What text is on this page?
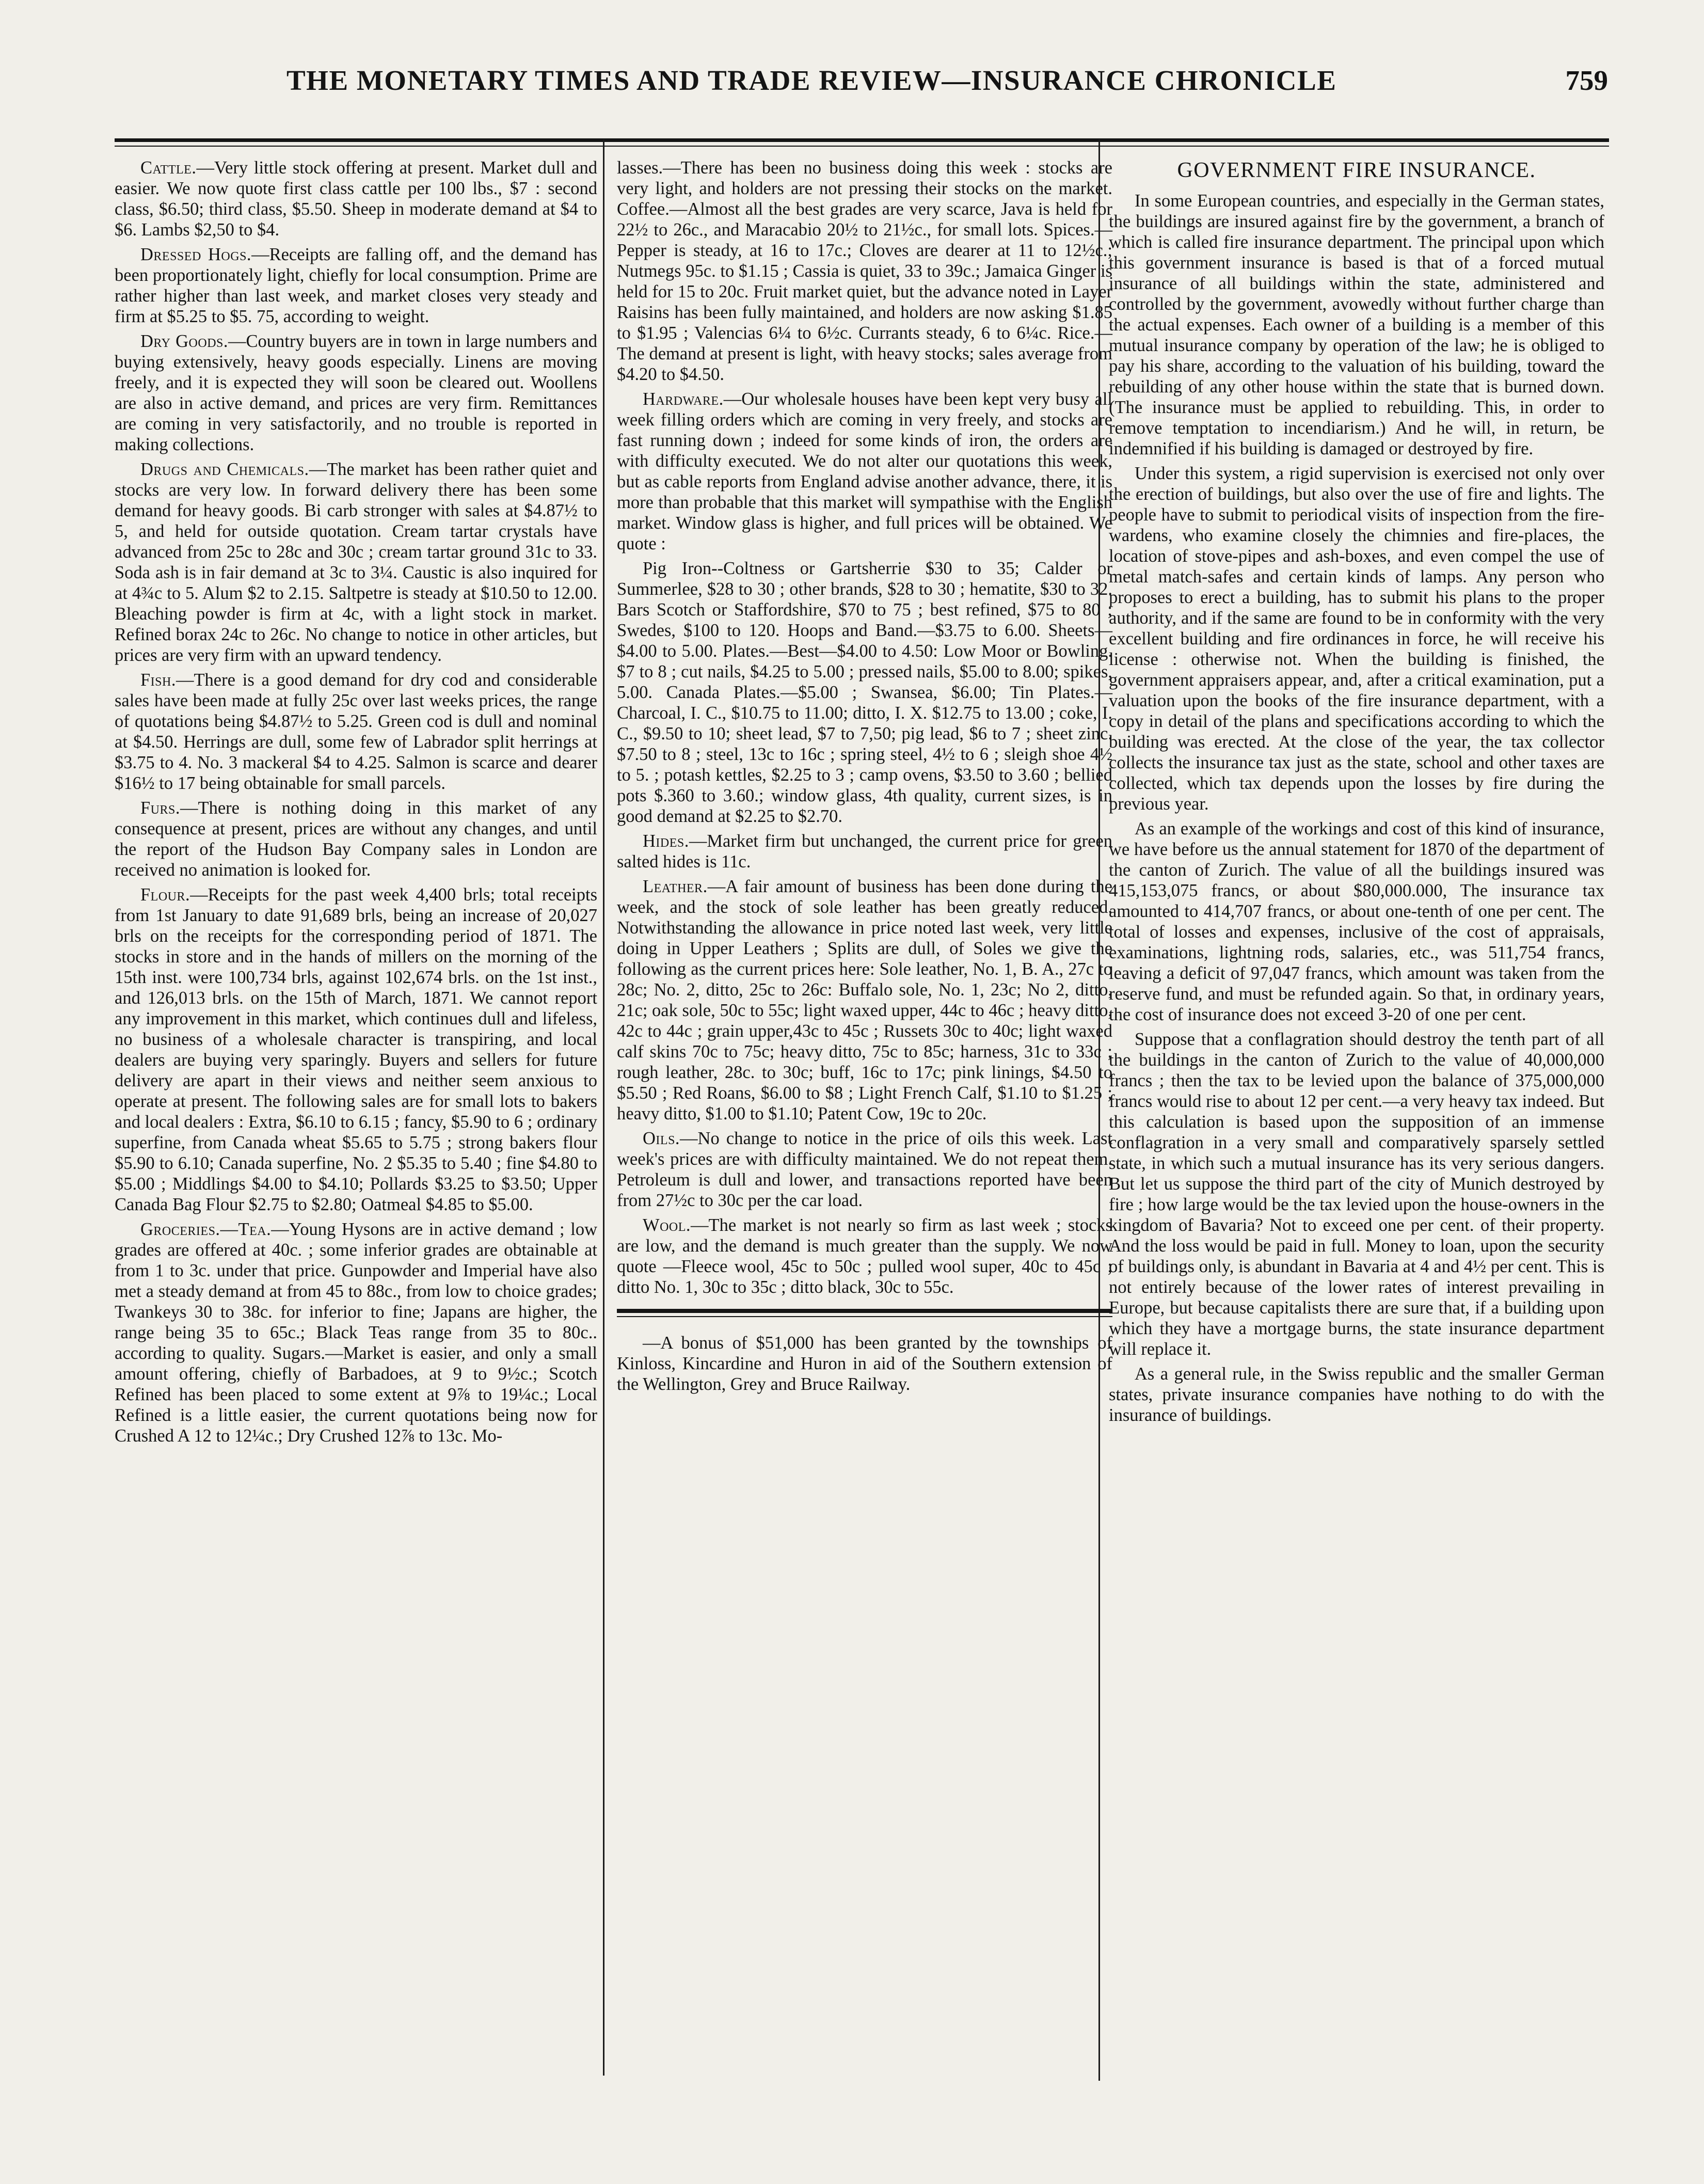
THE MONETARY TIMES AND TRADE REVIEW—INSURANCE CHRONICLE	759

Cattle.—Very little stock offering at present. Market dull and easier. We now quote first class cattle per 100 lbs., $7 : second class, $6.50; third class, $5.50. Sheep in moderate demand at $4 to $6. Lambs $2,50 to $4.

Dressed Hogs.—Receipts are falling off, and the demand has been proportionately light, chiefly for local consumption. Prime are rather higher than last week, and market closes very steady and firm at $5.25 to $5. 75, according to weight.

Dry Goods.—Country buyers are in town in large numbers and buying extensively, heavy goods especially. Linens are moving freely, and it is expected they will soon be cleared out. Woollens are also in active demand, and prices are very firm. Remittances are coming in very satisfactorily, and no trouble is reported in making collections.

Drugs and Chemicals.—The market has been rather quiet and stocks are very low. In forward delivery there has been some demand for heavy goods. Bi carb stronger with sales at $4.87½ to 5, and held for outside quotation. Cream tartar crystals have advanced from 25c to 28c and 30c ; cream tartar ground 31c to 33. Soda ash is in fair demand at 3c to 3¼. Caustic is also inquired for at 4¾c to 5. Alum $2 to 2.15. Saltpetre is steady at $10.50 to 12.00. Bleaching powder is firm at 4c, with a light stock in market. Refined borax 24c to 26c. No change to notice in other articles, but prices are very firm with an upward tendency.

Fish.—There is a good demand for dry cod and considerable sales have been made at fully 25c over last weeks prices, the range of quotations being $4.87½ to 5.25. Green cod is dull and nominal at $4.50. Herrings are dull, some few of Labrador split herrings at $3.75 to 4. No. 3 mackeral $4 to 4.25. Salmon is scarce and dearer $16½ to 17 being obtainable for small parcels.

Furs.—There is nothing doing in this market of any consequence at present, prices are without any changes, and until the report of the Hudson Bay Company sales in London are received no animation is looked for.

Flour.—Receipts for the past week 4,400 brls; total receipts from 1st January to date 91,689 brls, being an increase of 20,027 brls on the receipts for the corresponding period of 1871. The stocks in store and in the hands of millers on the morning of the 15th inst. were 100,734 brls, against 102,674 brls. on the 1st inst., and 126,013 brls. on the 15th of March, 1871. We cannot report any improvement in this market, which continues dull and lifeless, no business of a wholesale character is transpiring, and local dealers are buying very sparingly. Buyers and sellers for future delivery are apart in their views and neither seem anxious to operate at present. The following sales are for small lots to bakers and local dealers : Extra, $6.10 to 6.15 ; fancy, $5.90 to 6 ; ordinary superfine, from Canada wheat $5.65 to 5.75 ; strong bakers flour $5.90 to 6.10; Canada superfine, No. 2 $5.35 to 5.40 ; fine $4.80 to $5.00 ; Middlings $4.00 to $4.10; Pollards $3.25 to $3.50; Upper Canada Bag Flour $2.75 to $2.80; Oatmeal $4.85 to $5.00.

Groceries.—Tea.—Young Hysons are in active demand ; low grades are offered at 40c. ; some inferior grades are obtainable at from 1 to 3c. under that price. Gunpowder and Imperial have also met a steady demand at from 45 to 88c., from low to choice grades; Twankeys 30 to 38c. for inferior to fine; Japans are higher, the range being 35 to 65c.; Black Teas range from 35 to 80c.. according to quality. Sugars.—Market is easier, and only a small amount offering, chiefly of Barbadoes, at 9 to 9½c.; Scotch Refined has been placed to some extent at 9⅞ to 19¼c.; Local Refined is a little easier, the current quotations being now for Crushed A 12 to 12¼c.; Dry Crushed 12⅞ to 13c. Mo-

lasses.—There has been no business doing this week : stocks are very light, and holders are not pressing their stocks on the market. Coffee.—Almost all the best grades are very scarce, Java is held for 22½ to 26c., and Maracabio 20½ to 21½c., for small lots. Spices.—Pepper is steady, at 16 to 17c.; Cloves are dearer at 11 to 12½c.; Nutmegs 95c. to $1.15 ; Cassia is quiet, 33 to 39c.; Jamaica Ginger is held for 15 to 20c. Fruit market quiet, but the advance noted in Layer Raisins has been fully maintained, and holders are now asking $1.85 to $1.95 ; Valencias 6¼ to 6½c. Currants steady, 6 to 6¼c. Rice.—The demand at present is light, with heavy stocks; sales average from $4.20 to $4.50.

Hardware.—Our wholesale houses have been kept very busy all week filling orders which are coming in very freely, and stocks are fast running down ; indeed for some kinds of iron, the orders are with difficulty executed. We do not alter our quotations this week, but as cable reports from England advise another advance, there, it is more than probable that this market will sympathise with the English market. Window glass is higher, and full prices will be obtained. We quote :

Pig Iron--Coltness or Gartsherrie $30 to 35; Calder or Summerlee, $28 to 30 ; other brands, $28 to 30 ; hematite, $30 to 32. Bars Scotch or Staffordshire, $70 to 75 ; best refined, $75 to 80 ; Swedes, $100 to 120. Hoops and Band.—$3.75 to 6.00. Sheets—$4.00 to 5.00. Plates.—Best—$4.00 to 4.50: Low Moor or Bowling. $7 to 8 ; cut nails, $4.25 to 5.00 ; pressed nails, $5.00 to 8.00; spikes, 5.00. Canada Plates.—$5.00 ; Swansea, $6.00; Tin Plates.—Charcoal, I. C., $10.75 to 11.00; ditto, I. X. $12.75 to 13.00 ; coke, I. C., $9.50 to 10; sheet lead, $7 to 7,50; pig lead, $6 to 7 ; sheet zinc. $7.50 to 8 ; steel, 13c to 16c ; spring steel, 4½ to 6 ; sleigh shoe 4½ to 5. ; potash kettles, $2.25 to 3 ; camp ovens, $3.50 to 3.60 ; bellied pots $.360 to 3.60.; window glass, 4th quality, current sizes, is in good demand at $2.25 to $2.70.

Hides.—Market firm but unchanged, the current price for green salted hides is 11c.

Leather.—A fair amount of business has been done during the week, and the stock of sole leather has been greatly reduced. Notwithstanding the allowance in price noted last week, very little doing in Upper Leathers ; Splits are dull, of Soles we give the following as the current prices here: Sole leather, No. 1, B. A., 27c to 28c; No. 2, ditto, 25c to 26c: Buffalo sole, No. 1, 23c; No 2, ditto, 21c; oak sole, 50c to 55c; light waxed upper, 44c to 46c ; heavy ditto, 42c to 44c ; grain upper,43c to 45c ; Russets 30c to 40c; light waxed calf skins 70c to 75c; heavy ditto, 75c to 85c; harness, 31c to 33c ; rough leather, 28c. to 30c; buff, 16c to 17c; pink linings, $4.50 to $5.50 ; Red Roans, $6.00 to $8 ; Light French Calf, $1.10 to $1.25 ; heavy ditto, $1.00 to $1.10; Patent Cow, 19c to 20c.

Oils.—No change to notice in the price of oils this week. Last week's prices are with difficulty maintained. We do not repeat them. Petroleum is dull and lower, and transactions reported have been from 27½c to 30c per the car load.

Wool.—The market is not nearly so firm as last week ; stocks are low, and the demand is much greater than the supply. We now quote —Fleece wool, 45c to 50c ; pulled wool super, 40c to 45c ; ditto No. 1, 30c to 35c ; ditto black, 30c to 55c.

—A bonus of $51,000 has been granted by the townships of Kinloss, Kincardine and Huron in aid of the Southern extension of the Wellington, Grey and Bruce Railway.

GOVERNMENT FIRE INSURANCE.

In some European countries, and especially in the German states, the buildings are insured against fire by the government, a branch of which is called fire insurance department. The principal upon which this government insurance is based is that of a forced mutual insurance of all buildings within the state, administered and controlled by the government, avowedly without further charge than the actual expenses. Each owner of a building is a member of this mutual insurance company by operation of the law; he is obliged to pay his share, according to the valuation of his building, toward the rebuilding of any other house within the state that is burned down. (The insurance must be applied to rebuilding. This, in order to remove temptation to incendiarism.) And he will, in return, be indemnified if his building is damaged or destroyed by fire.

Under this system, a rigid supervision is exercised not only over the erection of buildings, but also over the use of fire and lights. The people have to submit to periodical visits of inspection from the fire-wardens, who examine closely the chimnies and fire-places, the location of stove-pipes and ash-boxes, and even compel the use of metal match-safes and certain kinds of lamps. Any person who proposes to erect a building, has to submit his plans to the proper authority, and if the same are found to be in conformity with the very excellent building and fire ordinances in force, he will receive his license : otherwise not. When the building is finished, the government appraisers appear, and, after a critical examination, put a valuation upon the books of the fire insurance department, with a copy in detail of the plans and specifications according to which the building was erected. At the close of the year, the tax collector collects the insurance tax just as the state, school and other taxes are collected, which tax depends upon the losses by fire during the previous year.

As an example of the workings and cost of this kind of insurance, we have before us the annual statement for 1870 of the department of the canton of Zurich. The value of all the buildings insured was 415,153,075 francs, or about $80,000.000, The insurance tax amounted to 414,707 francs, or about one-tenth of one per cent. The total of losses and expenses, inclusive of the cost of appraisals, examinations, lightning rods, salaries, etc., was 511,754 francs, leaving a deficit of 97,047 francs, which amount was taken from the reserve fund, and must be refunded again. So that, in ordinary years, the cost of insurance does not exceed 3-20 of one per cent.

Suppose that a conflagration should destroy the tenth part of all the buildings in the canton of Zurich to the value of 40,000,000 francs ; then the tax to be levied upon the balance of 375,000,000 francs would rise to about 12 per cent.—a very heavy tax indeed. But this calculation is based upon the supposition of an immense conflagration in a very small and comparatively sparsely settled state, in which such a mutual insurance has its very serious dangers. But let us suppose the third part of the city of Munich destroyed by fire ; how large would be the tax levied upon the house-owners in the kingdom of Bavaria? Not to exceed one per cent. of their property. And the loss would be paid in full. Money to loan, upon the security of buildings only, is abundant in Bavaria at 4 and 4½ per cent. This is not entirely because of the lower rates of interest prevailing in Europe, but because capitalists there are sure that, if a building upon which they have a mortgage burns, the state insurance department will replace it.

As a general rule, in the Swiss republic and the smaller German states, private insurance companies have nothing to do with the insurance of buildings.
